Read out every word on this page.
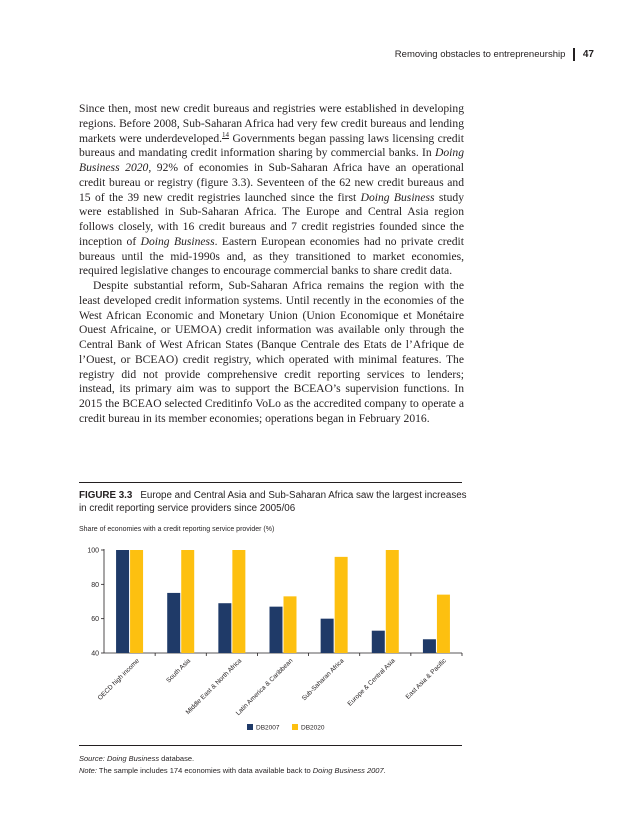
Removing obstacles to entrepreneurship 47

Since then, most new credit bureaus and registries were established in developing regions. Before 2008, Sub-Saharan Africa had very few credit bureaus and lending markets were underdeveloped.$^{14}$ Governments began passing laws licensing credit bureaus and mandating credit information sharing by commercial banks. In Doing Business 2020, 92% of economies in Sub-Saharan Africa have an operational credit bureau or registry (figure 3.3). Seventeen of the 62 new credit bureaus and 15 of the 39 new credit registries launched since the first Doing Business study were established in Sub-Saharan Africa. The Europe and Central Asia region follows closely, with 16 credit bureaus and 7 credit registries founded since the inception of Doing Business. Eastern European economies had no private credit bureaus until the mid-1990s and, as they transitioned to market economies, required legislative changes to encourage commercial banks to share credit data.

Despite substantial reform, Sub-Saharan Africa remains the region with the least developed credit information systems. Until recently in the economies of the West African Economic and Monetary Union (Union Economique et Monétaire Ouest Africaine, or UEMOA) credit information was available only through the Central Bank of West African States (Banque Centrale des Etats de l’Afrique de l’Ouest, or BCEAO) credit registry, which operated with minimal features. The registry did not provide comprehensive credit reporting services to lenders; instead, its primary aim was to support the BCEAO’s supervision functions. In 2015 the BCEAO selected Creditinfo VoLo as the accredited company to operate a credit bureau in its member economies; operations began in February 2016.

FIGURE 3.3 Europe and Central Asia and Sub-Saharan Africa saw the largest increases in credit reporting service providers since 2005/06
Share of economies with a credit reporting service provider (%)
40
60
80
100
OECD high income	South Asia
Middle East & North Africa
Latin America & Caribbean Sub-Saharan Africa Europe & Central Asia East Asia & Pacific
DB2007	DB2020
Source: Doing Business database.
Note: The sample includes 174 economies with data available back to Doing Business 2007.
